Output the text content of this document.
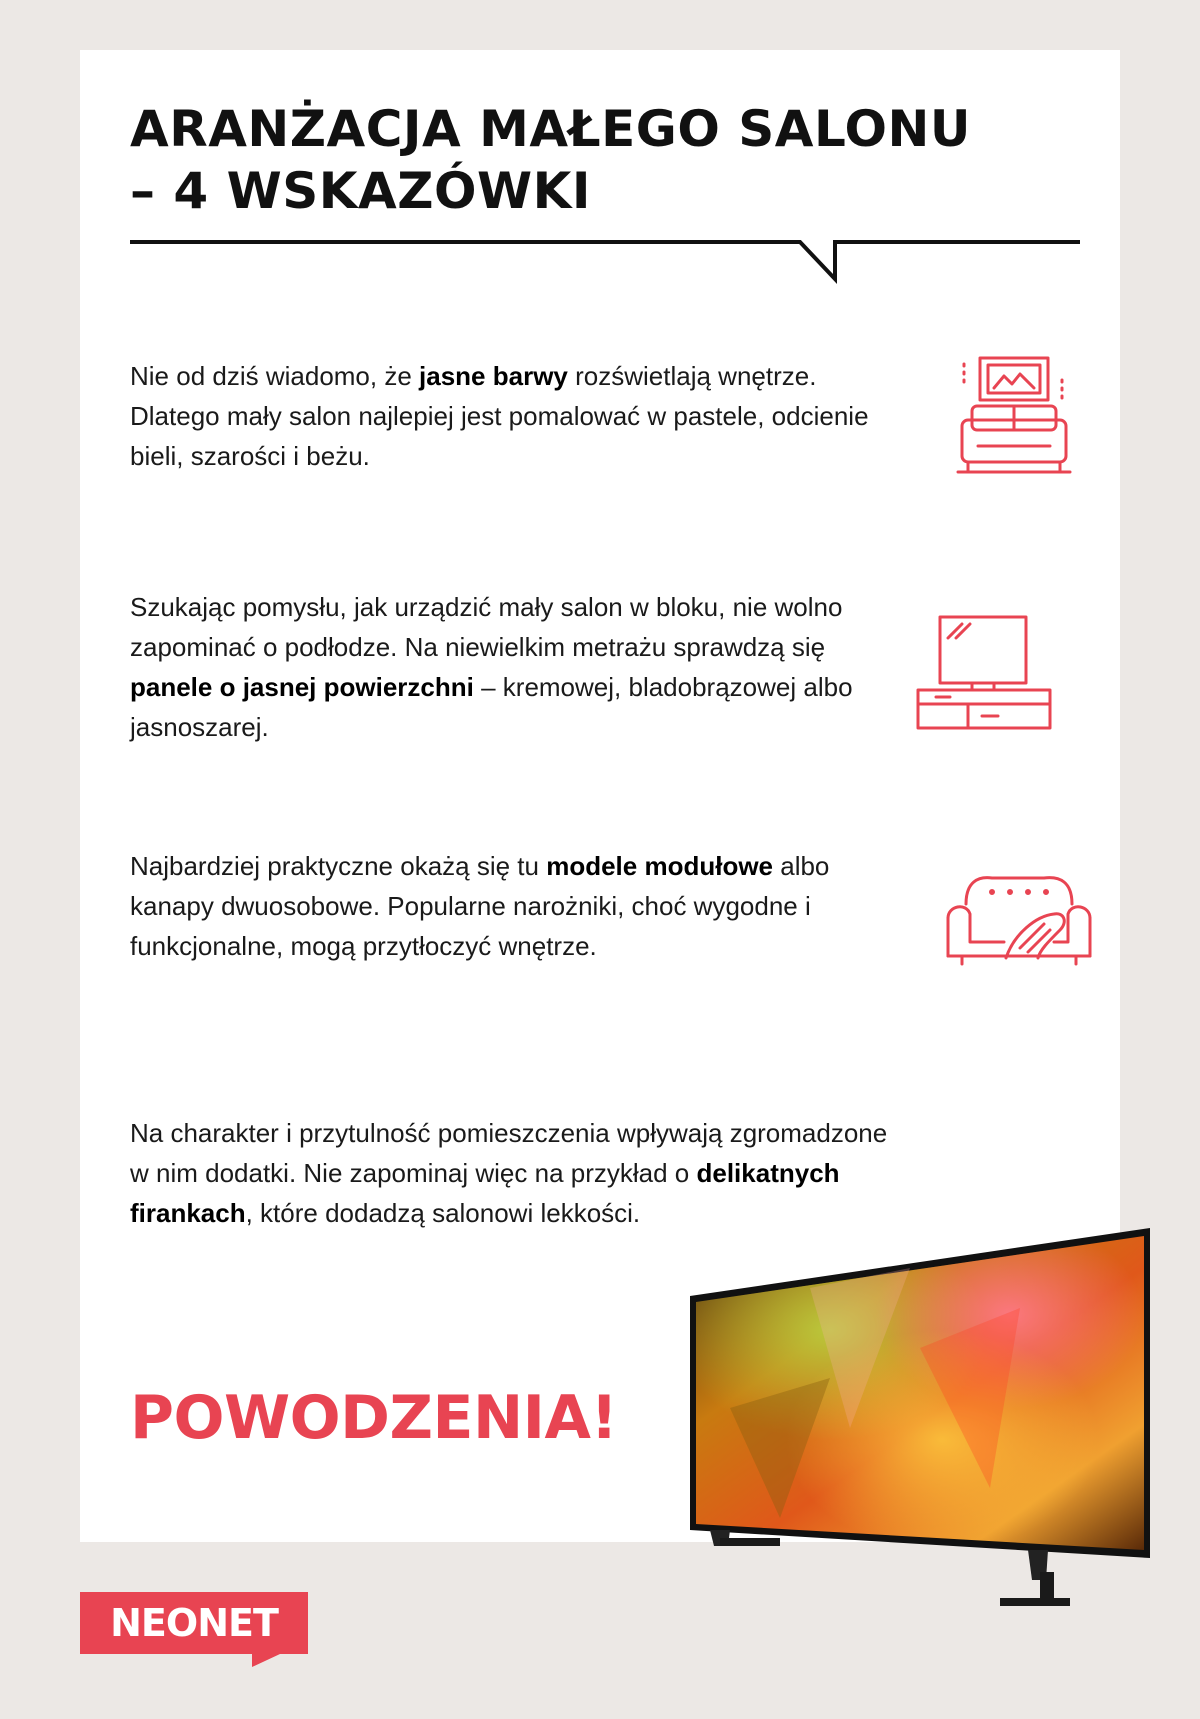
ARANŻACJA MAŁEGO SALONU
– 4 WSKAZÓWKI

Nie od dziś wiadomo, że jasne barwy rozświetlają wnętrze. Dlatego mały salon najlepiej jest pomalować w pastele, odcienie bieli, szarości i beżu.

Szukając pomysłu, jak urządzić mały salon w bloku, nie wolno zapominać o podłodze. Na niewielkim metrażu sprawdzą się panele o jasnej powierzchni – kremowej, bladobrązowej albo jasnoszarej.

Najbardziej praktyczne okażą się tu modele modułowe albo kanapy dwuosobowe. Popularne narożniki, choć wygodne i funkcjonalne, mogą przytłoczyć wnętrze.

Na charakter i przytulność pomieszczenia wpływają zgromadzone w nim dodatki. Nie zapominaj więc na przykład o delikatnych firankach, które dodadzą salonowi lekkości.

POWODZENIA!
NEONET
